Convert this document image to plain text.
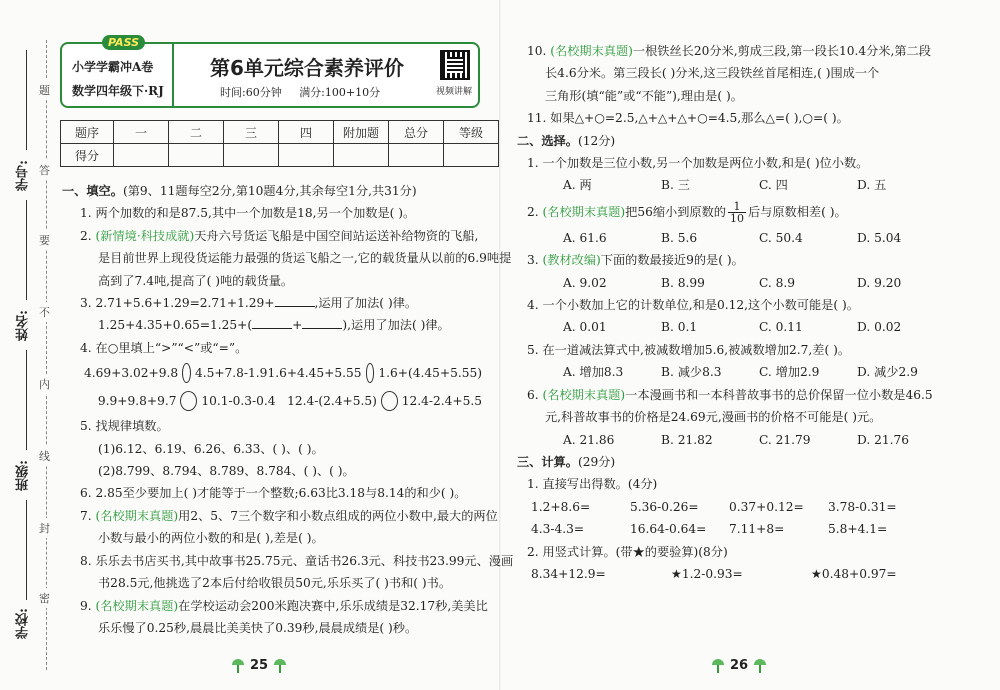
学号:
姓名:
班级:
学校:
题
答
要
不
内
线
封
密
PASS
小学学霸冲A卷
数学四年级下·RJ
第6单元综合素养评价
时间:60分钟 满分:100+10分	视频讲解
题序	一	二	三	四	附加题	总分	等级
得分							
一、填空。(第9、11题每空2分,第10题4分,其余每空1分,共31分)
1. 两个加数的和是87.5,其中一个加数是18,另一个加数是( )。
2. (新情境·科技成就)天舟六号货运飞船是中国空间站运送补给物资的飞船,
是目前世界上现役货运能力最强的货运飞船之一,它的载货量从以前的6.9吨提
高到了7.4吨,提高了( )吨的载货量。
3. 2.71+5.6+1.29=2.71+1.29+	,运用了加法( )律。
1.25+4.35+0.65=1.25+(	+	),运用了加法( )律。
4. 在○里填上“>”“<”或“=”。
4.69+3.02+9.8 4.5+7.8-1.9 1.6+4.45+5.55 1.6+(4.45+5.55)
9.9+9.8+9.7 10.1-0.3-0.4 12.4-(2.4+5.5) 12.4-2.4+5.5
5. 找规律填数。
(1)6.12、6.19、6.26、6.33、( )、( )。
(2)8.799、8.794、8.789、8.784、( )、( )。
6. 2.85至少要加上( )才能等于一个整数;6.63比3.18与8.14的和少( )。
7. (名校期末真题)用2、5、7三个数字和小数点组成的两位小数中,最大的两位
小数与最小的两位小数的和是( ),差是( )。
8. 乐乐去书店买书,其中故事书25.75元、童话书26.3元、科技书23.99元、漫画
书28.5元,他挑选了2本后付给收银员50元,乐乐买了( )书和( )书。
9. (名校期末真题)在学校运动会200米跑决赛中,乐乐成绩是32.17秒,美美比
乐乐慢了0.25秒,晨晨比美美快了0.39秒,晨晨成绩是( )秒。
10. (名校期末真题)一根铁丝长20分米,剪成三段,第一段长10.4分米,第二段
长4.6分米。第三段长( )分米,这三段铁丝首尾相连,( )围成一个
三角形(填“能”或“不能”),理由是( )。
11. 如果△+○=2.5,△+△+△+○=4.5,那么△=( ),○=( )。
二、选择。(12分)
1. 一个加数是三位小数,另一个加数是两位小数,和是( )位小数。
A. 两	B. 三	C. 四	D. 五
2. (名校期末真题)把56缩小到原数的 $\frac{1}{10}$ 后与原数相差( )。
A. 61.6	B. 5.6	C. 50.4	D. 5.04
3. (教材改编)下面的数最接近9的是( )。
A. 9.02	B. 8.99	C. 8.9	D. 9.20
4. 一个小数加上它的计数单位,和是0.12,这个小数可能是( )。
A. 0.01	B. 0.1	C. 0.11	D. 0.02
5. 在一道减法算式中,被减数增加5.6,被减数增加2.7,差( )。
A. 增加8.3	B. 减少8.3	C. 增加2.9	D. 减少2.9
6. (名校期末真题)一本漫画书和一本科普故事书的总价保留一位小数是46.5
元,科普故事书的价格是24.69元,漫画书的价格不可能是( )元。
A. 21.86	B. 21.82	C. 21.79	D. 21.76
三、计算。(29分)
1. 直接写出得数。(4分)
1.2+8.6=	5.36-0.26=	0.37+0.12=	3.78-0.31=
4.3-4.3=	16.64-0.64=	7.11+8=	5.8+4.1=
2. 用竖式计算。(带★的要验算)(8分)
8.34+12.9=	★1.2-0.93=	★0.48+0.97=
25	26
